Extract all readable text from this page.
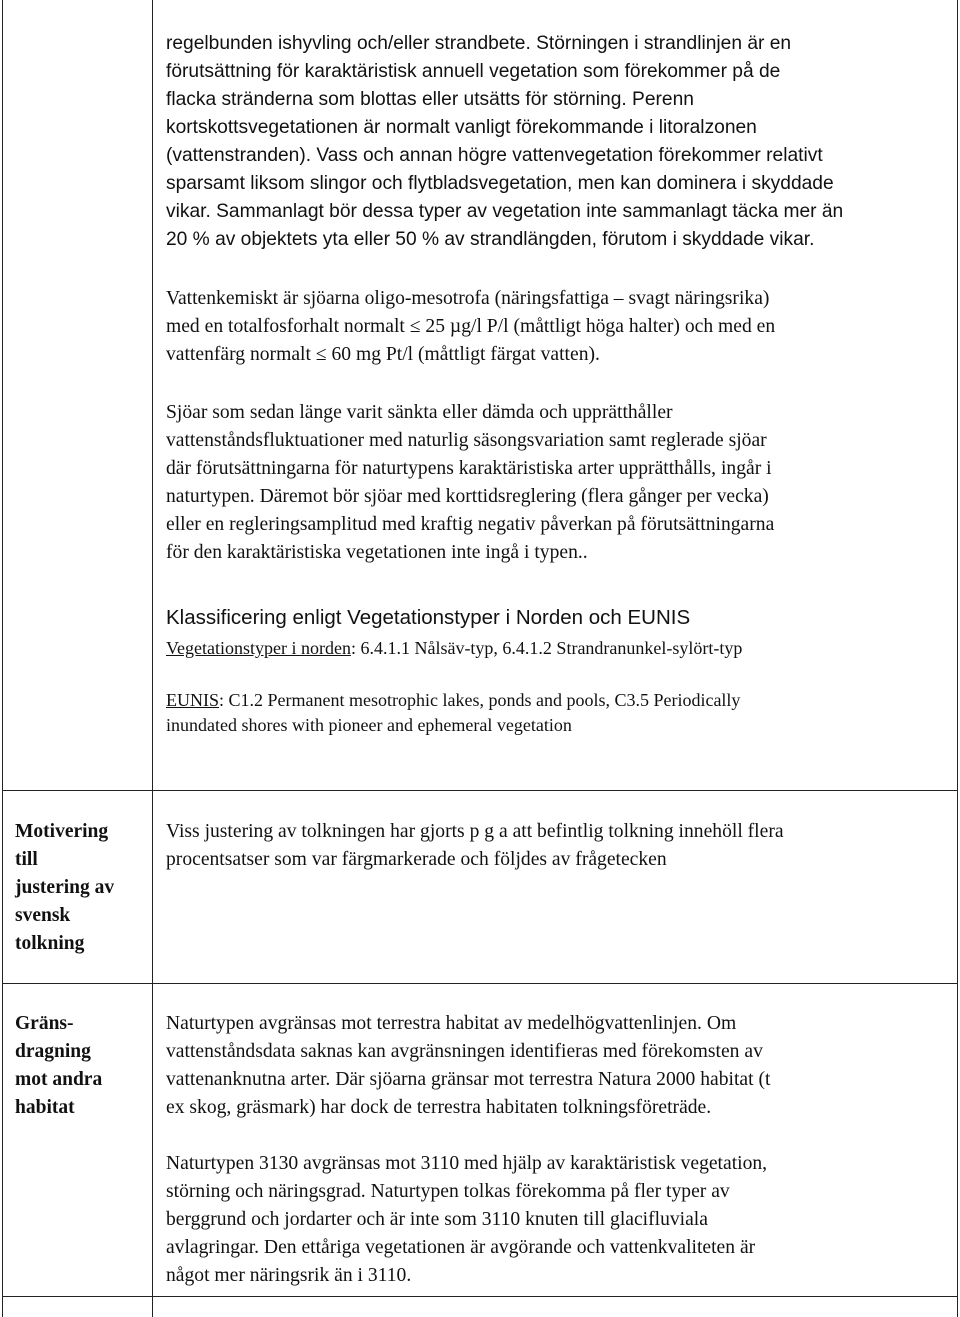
regelbunden ishyvling och/eller strandbete. Störningen i strandlinjen är en

förutsättning för karaktäristisk annuell vegetation som förekommer på de

flacka stränderna som blottas eller utsätts för störning. Perenn

kortskottsvegetationen är normalt vanligt förekommande i litoralzonen

(vattenstranden). Vass och annan högre vattenvegetation förekommer relativt

sparsamt liksom slingor och flytbladsvegetation, men kan dominera i skyddade

vikar. Sammanlagt bör dessa typer av vegetation inte sammanlagt täcka mer än

20 % av objektets yta eller 50 % av strandlängden, förutom i skyddade vikar.

Vattenkemiskt är sjöarna oligo-mesotrofa (näringsfattiga – svagt näringsrika)

med en totalfosforhalt normalt ≤ 25 µg/l P/l (måttligt höga halter) och med en

vattenfärg normalt ≤ 60 mg Pt/l (måttligt färgat vatten).

Sjöar som sedan länge varit sänkta eller dämda och upprätthåller

vattenståndsfluktuationer med naturlig säsongsvariation samt reglerade sjöar

där förutsättningarna för naturtypens karaktäristiska arter upprätthålls, ingår i

naturtypen. Däremot bör sjöar med korttidsreglering (flera gånger per vecka)

eller en regleringsamplitud med kraftig negativ påverkan på förutsättningarna

för den karaktäristiska vegetationen inte ingå i typen..

Klassificering enligt Vegetationstyper i Norden och EUNIS

Vegetationstyper i norden: 6.4.1.1 Nålsäv-typ, 6.4.1.2 Strandranunkel-sylört-typ

EUNIS: C1.2 Permanent mesotrophic lakes, ponds and pools, C3.5 Periodically

inundated shores with pioneer and ephemeral vegetation

Motivering

till

justering av

svensk

tolkning

Viss justering av tolkningen har gjorts p g a att befintlig tolkning innehöll flera

procentsatser som var färgmarkerade och följdes av frågetecken

Gräns-

dragning

mot andra

habitat

Naturtypen avgränsas mot terrestra habitat av medelhögvattenlinjen. Om

vattenståndsdata saknas kan avgränsningen identifieras med förekomsten av

vattenanknutna arter. Där sjöarna gränsar mot terrestra Natura 2000 habitat (t

ex skog, gräsmark) har dock de terrestra habitaten tolkningsföreträde.

Naturtypen 3130 avgränsas mot 3110 med hjälp av karaktäristisk vegetation,

störning och näringsgrad. Naturtypen tolkas förekomma på fler typer av

berggrund och jordarter och är inte som 3110 knuten till glacifluviala

avlagringar. Den ettåriga vegetationen är avgörande och vattenkvaliteten är

något mer näringsrik än i 3110.
